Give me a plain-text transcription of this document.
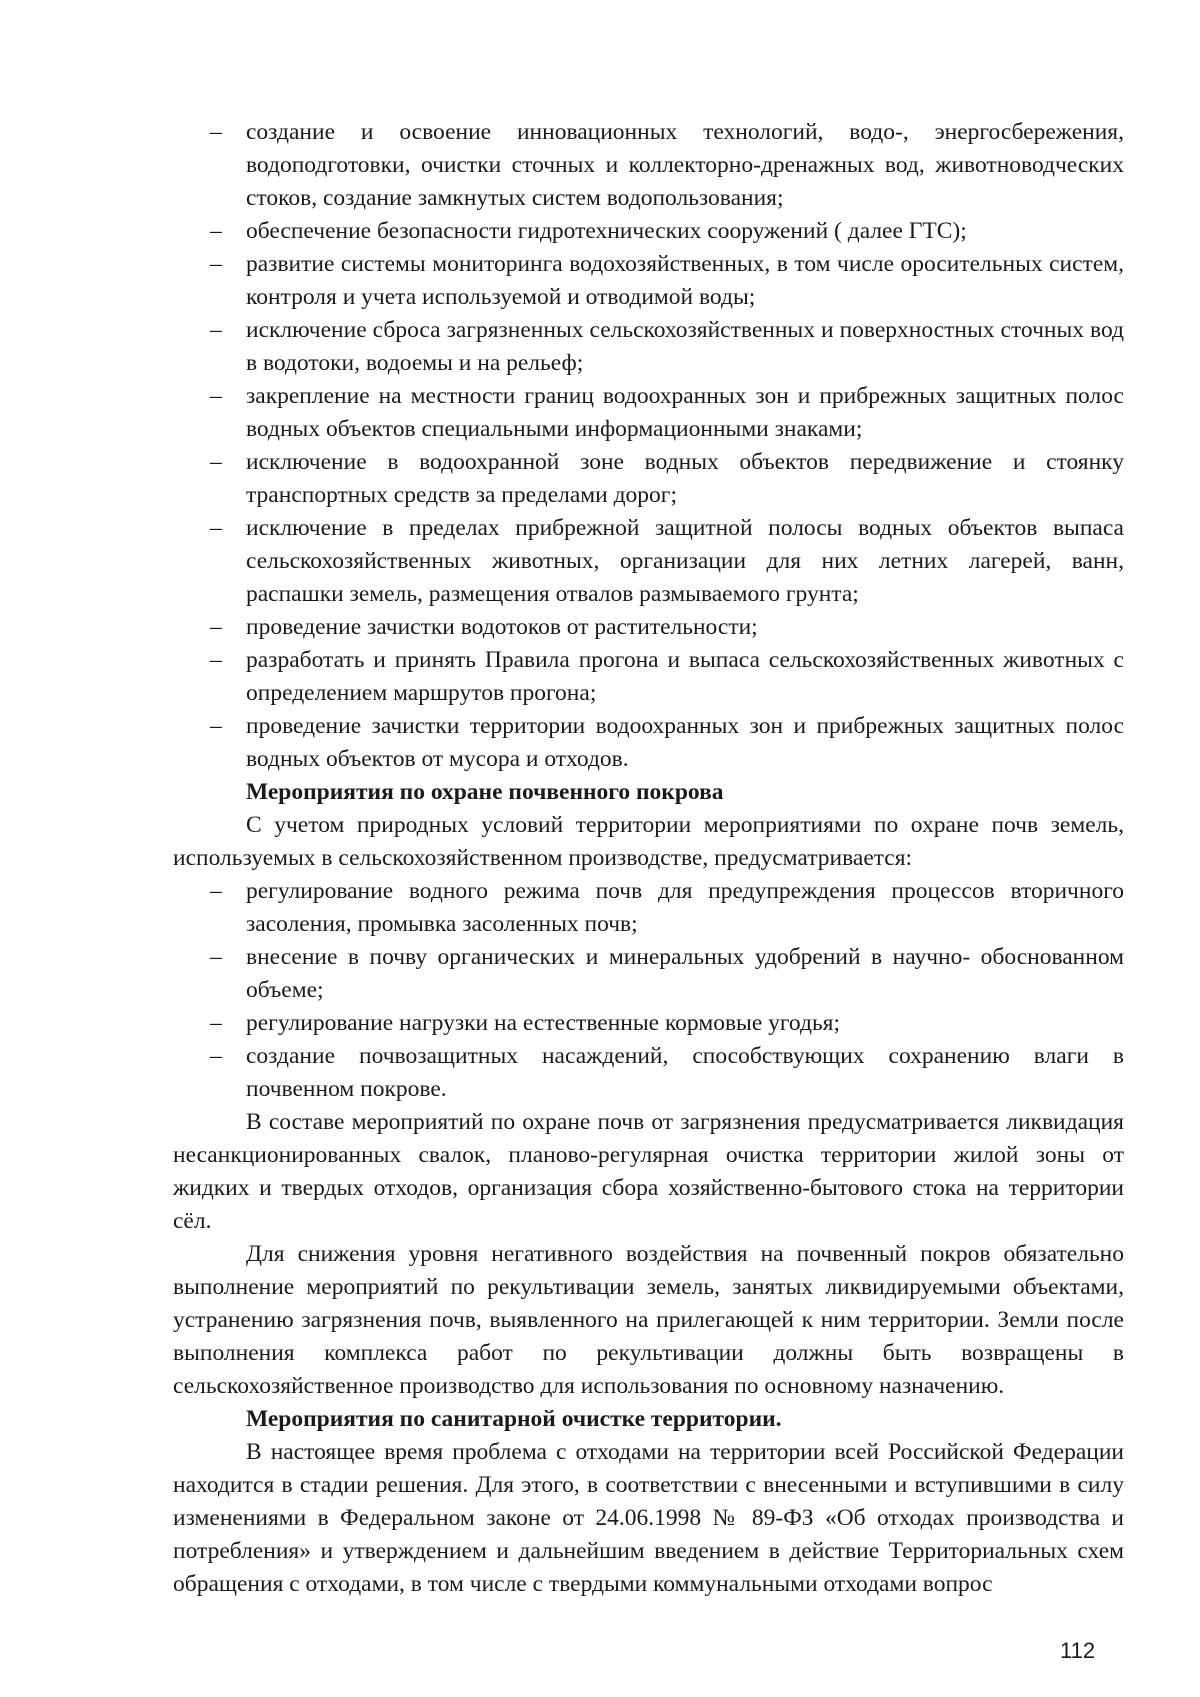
– создание и освоение инновационных технологий, водо-, энергосбережения, водоподготовки, очистки сточных и коллекторно-дренажных вод, животноводческих стоков, создание замкнутых систем водопользования;
– обеспечение безопасности гидротехнических сооружений ( далее ГТС);
– развитие системы мониторинга водохозяйственных, в том числе оросительных систем, контроля и учета используемой и отводимой воды;
– исключение сброса загрязненных сельскохозяйственных и поверхностных сточных вод в водотоки, водоемы и на рельеф;
– закрепление на местности границ водоохранных зон и прибрежных защитных полос водных объектов специальными информационными знаками;
– исключение в водоохранной зоне водных объектов передвижение и стоянку транспортных средств за пределами дорог;
– исключение в пределах прибрежной защитной полосы водных объектов выпаса сельскохозяйственных животных, организации для них летних лагерей, ванн, распашки земель, размещения отвалов размываемого грунта;
– проведение зачистки водотоков от растительности;
– разработать и принять Правила прогона и выпаса сельскохозяйственных животных с определением маршрутов прогона;
– проведение зачистки территории водоохранных зон и прибрежных защитных полос водных объектов от мусора и отходов.
Мероприятия по охране почвенного покрова
С учетом природных условий территории мероприятиями по охране почв земель, используемых в сельскохозяйственном производстве, предусматривается:
– регулирование водного режима почв для предупреждения процессов вторичного засоления, промывка засоленных почв;
– внесение в почву органических и минеральных удобрений в научно- обоснованном объеме;
– регулирование нагрузки на естественные кормовые угодья;
– создание почвозащитных насаждений, способствующих сохранению влаги в почвенном покрове.
В составе мероприятий по охране почв от загрязнения предусматривается ликвидация несанкционированных свалок, планово-регулярная очистка территории жилой зоны от жидких и твердых отходов, организация сбора хозяйственно-бытового стока на территории сёл.
Для снижения уровня негативного воздействия на почвенный покров обязательно выполнение мероприятий по рекультивации земель, занятых ликвидируемыми объектами, устранению загрязнения почв, выявленного на прилегающей к ним территории. Земли после выполнения комплекса работ по рекультивации должны быть возвращены в сельскохозяйственное производство для использования по основному назначению.
Мероприятия по санитарной очистке территории.
В настоящее время проблема с отходами на территории всей Российской Федерации находится в стадии решения. Для этого, в соответствии с внесенными и вступившими в силу изменениями в Федеральном законе от 24.06.1998 № 89-ФЗ «Об отходах производства и потребления» и утверждением и дальнейшим введением в действие Территориальных схем обращения с отходами, в том числе с твердыми коммунальными отходами вопрос
112
